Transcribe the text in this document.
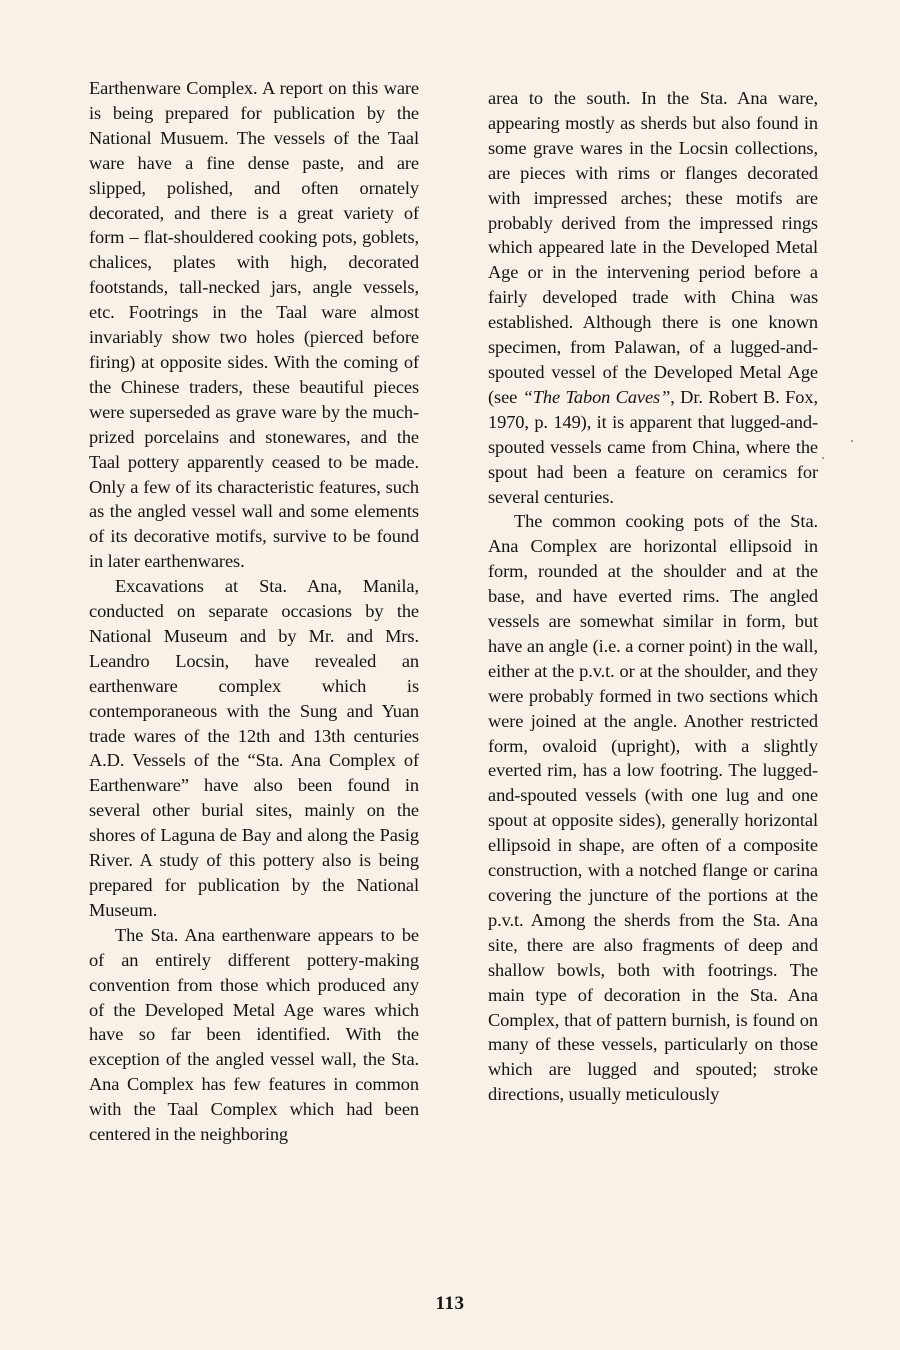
Earthenware Complex. A report on this ware is being prepared for publication by the National Musuem. The vessels of the Taal ware have a fine dense paste, and are slipped, polished, and often ornately decorated, and there is a great variety of form – flat-shouldered cooking pots, goblets, chalices, plates with high, decorated footstands, tall-necked jars, angle vessels, etc. Footrings in the Taal ware almost invariably show two holes (pierced before firing) at opposite sides. With the coming of the Chinese traders, these beautiful pieces were superseded as grave ware by the much-prized porcelains and stonewares, and the Taal pottery apparently ceased to be made. Only a few of its characteristic features, such as the angled vessel wall and some elements of its decorative motifs, survive to be found in later earthenwares.

Excavations at Sta. Ana, Manila, conducted on separate occasions by the National Museum and by Mr. and Mrs. Leandro Locsin, have revealed an earthenware complex which is contemporaneous with the Sung and Yuan trade wares of the 12th and 13th centuries A.D. Vessels of the “Sta. Ana Complex of Earthenware” have also been found in several other burial sites, mainly on the shores of Laguna de Bay and along the Pasig River. A study of this pottery also is being prepared for publication by the National Museum.

The Sta. Ana earthenware appears to be of an entirely different pottery-making convention from those which produced any of the Developed Metal Age wares which have so far been identified. With the exception of the angled vessel wall, the Sta. Ana Complex has few features in common with the Taal Complex which had been centered in the neighboring

area to the south. In the Sta. Ana ware, appearing mostly as sherds but also found in some grave wares in the Locsin collections, are pieces with rims or flanges decorated with impressed arches; these motifs are probably derived from the impressed rings which appeared late in the Developed Metal Age or in the intervening period before a fairly developed trade with China was established. Although there is one known specimen, from Palawan, of a lugged-and-spouted vessel of the Developed Metal Age (see “The Tabon Caves”, Dr. Robert B. Fox, 1970, p. 149), it is apparent that lugged-and-spouted vessels came from China, where the spout had been a feature on ceramics for several centuries.

The common cooking pots of the Sta. Ana Complex are horizontal ellipsoid in form, rounded at the shoulder and at the base, and have everted rims. The angled vessels are somewhat similar in form, but have an angle (i.e. a corner point) in the wall, either at the p.v.t. or at the shoulder, and they were probably formed in two sections which were joined at the angle. Another restricted form, ovaloid (upright), with a slightly everted rim, has a low footring. The lugged-and-spouted vessels (with one lug and one spout at opposite sides), generally horizontal ellipsoid in shape, are often of a composite construction, with a notched flange or carina covering the juncture of the portions at the p.v.t. Among the sherds from the Sta. Ana site, there are also fragments of deep and shallow bowls, both with footrings. The main type of decoration in the Sta. Ana Complex, that of pattern burnish, is found on many of these vessels, particularly on those which are lugged and spouted; stroke directions, usually meticulously

113
